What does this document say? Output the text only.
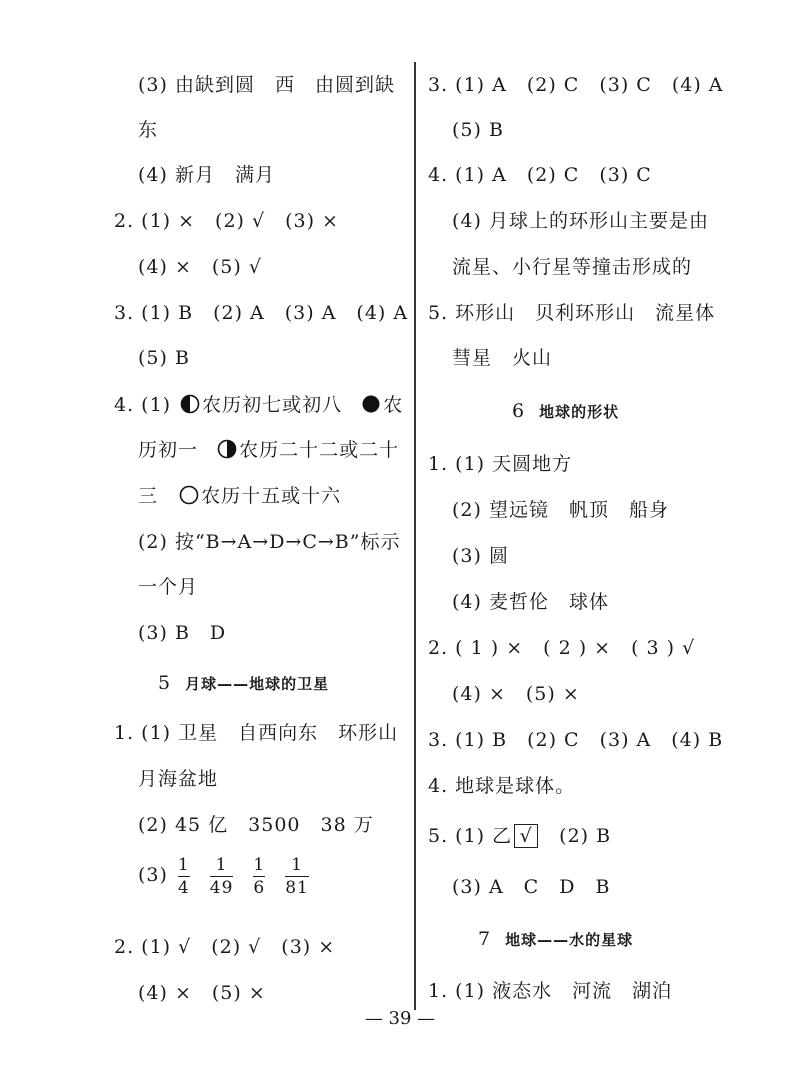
(3) 由缺到圆　西　由圆到缺
东
(4) 新月　满月
2. (1) ×　(2) √　(3) ×
(4) ×　(5) √
3. (1) B　(2) A　(3) A　(4) A
(5) B
4. (1) 农历初七或初八 农
历初一 农历二十二或二十
三 农历十五或十六
(2) 按“B→A→D→C→B”标示
一个月
(3) B　D
5 月球——地球的卫星
1. (1) 卫星　自西向东　环形山
月海盆地
(2) 45 亿　3500　38 万
$(3) \frac{1}{4} \frac{1}{49} \frac{1}{6} \frac{1}{81}$
2. (1) √　(2) √　(3) ×
(4) ×　(5) ×
3. (1) A　(2) C　(3) C　(4) A
(5) B
4. (1) A　(2) C　(3) C
(4) 月球上的环形山主要是由
流星、小行星等撞击形成的
5. 环形山　贝利环形山　流星体
彗星　火山
6 地球的形状
1. (1) 天圆地方
(2) 望远镜　帆顶　船身
(3) 圆
(4) 麦哲伦　球体
2. ( 1 ) ×　( 2 ) ×　( 3 ) √
(4) ×　(5) ×
3. (1) B　(2) C　(3) A　(4) B
4. 地球是球体。
5. (1) 乙 √ (2) B
(3) A　C　D　B
7 地球——水的星球
1. (1) 液态水　河流　湖泊
— 39 —
